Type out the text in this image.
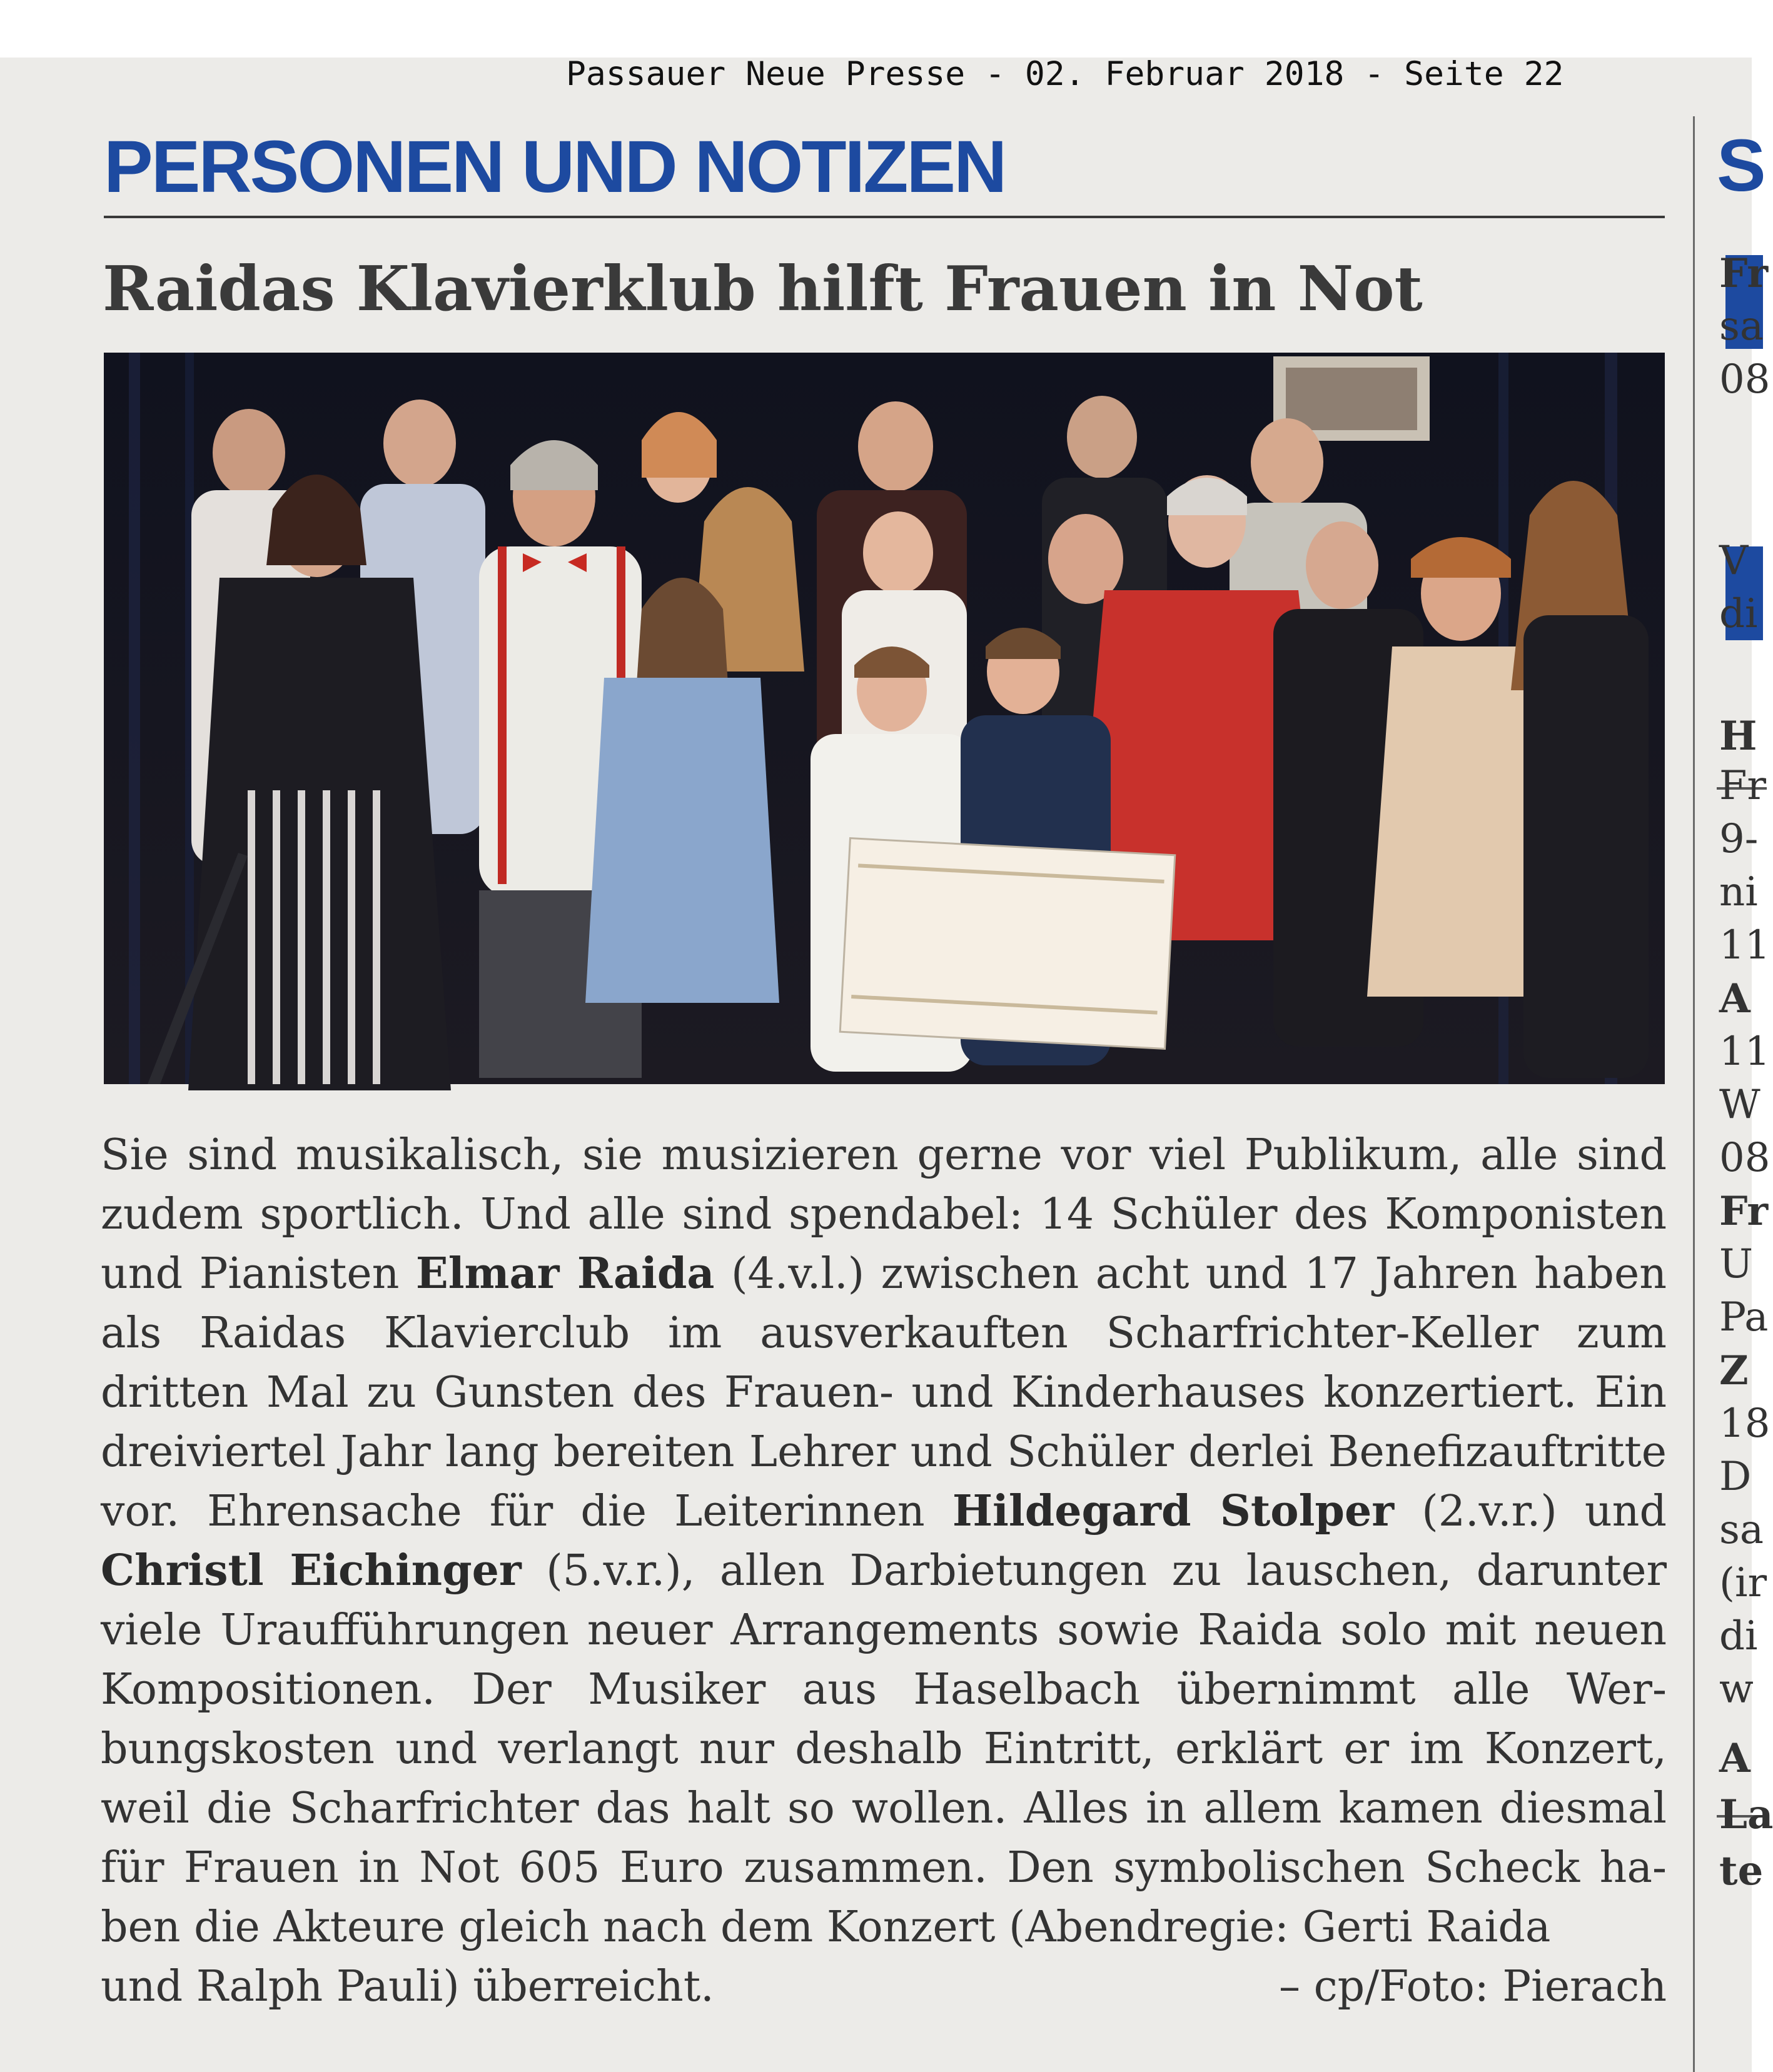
Passauer Neue Presse - 02. Februar 2018 - Seite 22
PERSONEN UND NOTIZEN
Raidas Klavierklub hilft Frauen in Not
Sie sind musikalisch, sie musizieren gerne vor viel Publikum, alle sind zudem sportlich. Und alle sind spendabel: 14 Schüler des Komponisten und Pianisten Elmar Raida (4.v.l.) zwischen acht und 17 Jahren haben als Raidas Klavierclub im ausverkauften Scharfrichter-Keller zum dritten Mal zu Gunsten des Frauen- und Kinderhauses konzertiert. Ein dreiviertel Jahr lang bereiten Lehrer und Schüler derlei Benefizauftritte vor. Ehrensache für die Leiterinnen Hildegard Stolper (2.v.r.) und Christl Eichinger (5.v.r.), allen Darbietungen zu lauschen, darunter viele Uraufführungen neuer Arrangements sowie Raida solo mit neuen Kompositionen. Der Musiker aus Haselbach übernimmt alle Werbungskosten und verlangt nur deshalb Eintritt, erklärt er im Konzert, weil die Scharfrichter das halt so wollen. Alles in allem kamen diesmal für Frauen in Not 605 Euro zusammen. Den symbolischen Scheck haben die Akteure gleich nach dem Konzert (Abendregie: Gerti Raida
und Ralph Pauli) überreicht.	– cp/Foto: Pierach
S
Fr
sa
08
V
di
H
Fr
9-
ni
11
A
11
W
08
Fr
U
Pa
Z
18
D
sa
(ir
di
w
A
La
te
